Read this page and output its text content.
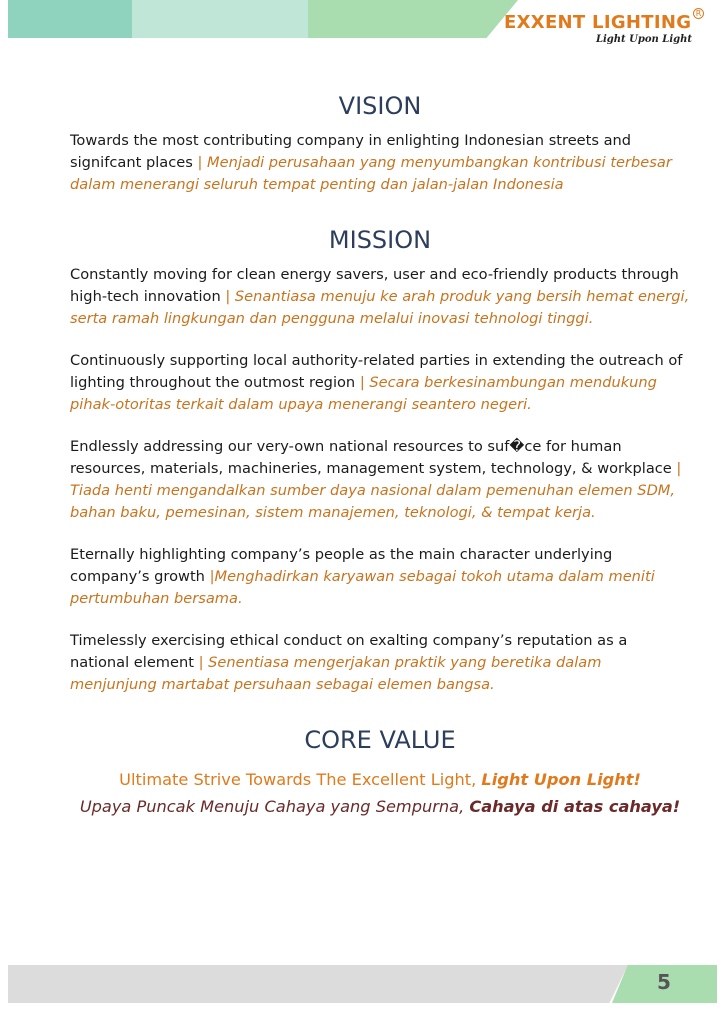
EXXENT LIGHTING R
Light Upon Light
VISION

Towards the most contributing company in enlighting Indonesian streets and signifcant places | Menjadi perusahaan yang menyumbangkan kontribusi terbesar dalam menerangi seluruh tempat penting dan jalan-jalan Indonesia

MISSION

Constantly moving for clean energy savers, user and eco-friendly products through high-tech innovation | Senantiasa menuju ke arah produk yang bersih hemat energi, serta ramah lingkungan dan pengguna melalui inovasi tehnologi tinggi.

Continuously supporting local authority-related parties in extending the outreach of lighting throughout the outmost region | Secara berkesinambungan mendukung pihak-otoritas terkait dalam upaya menerangi seantero negeri.

Endlessly addressing our very-own national resources to suf�ce for human resources, materials, machineries, management system, technology, & workplace | Tiada henti mengandalkan sumber daya nasional dalam pemenuhan elemen SDM, bahan baku, pemesinan, sistem manajemen, teknologi, & tempat kerja.

Eternally highlighting company’s people as the main character underlying company’s growth |Menghadirkan karyawan sebagai tokoh utama dalam meniti pertumbuhan bersama.

Timelessly exercising ethical conduct on exalting company’s reputation as a national element | Senentiasa mengerjakan praktik yang beretika dalam menjunjung martabat persuhaan sebagai elemen bangsa.

CORE VALUE
Ultimate Strive Towards The Excellent Light, Light Upon Light!
Upaya Puncak Menuju Cahaya yang Sempurna, Cahaya di atas cahaya!
5
